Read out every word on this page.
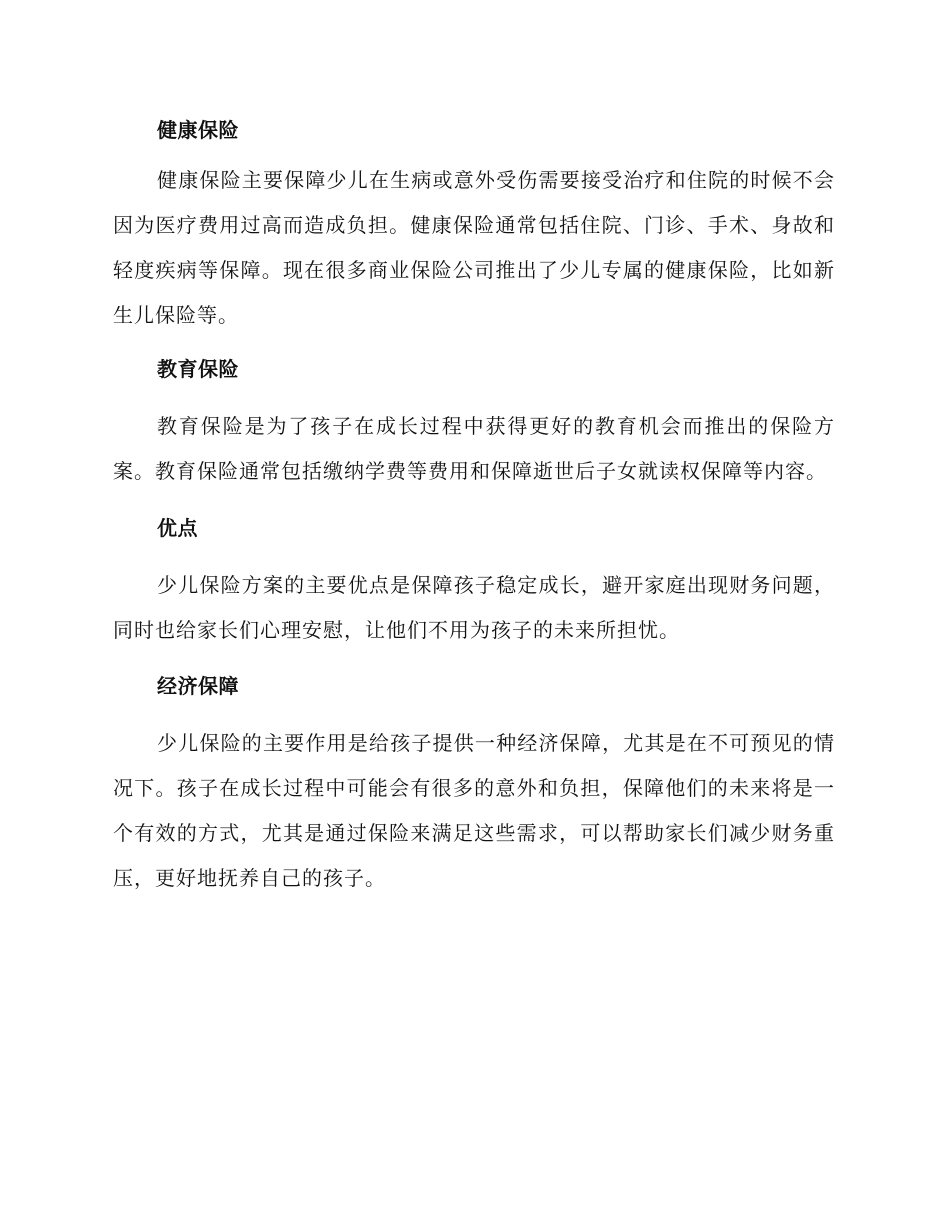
健康保险

健康保险主要保障少儿在生病或意外受伤需要接受治疗和住院的时候不会因为医疗费用过高而造成负担。健康保险通常包括住院、门诊、手术、身故和轻度疾病等保障。现在很多商业保险公司推出了少儿专属的健康保险，比如新生儿保险等。

教育保险

教育保险是为了孩子在成长过程中获得更好的教育机会而推出的保险方案。教育保险通常包括缴纳学费等费用和保障逝世后子女就读权保障等内容。

优点

少儿保险方案的主要优点是保障孩子稳定成长，避开家庭出现财务问题，同时也给家长们心理安慰，让他们不用为孩子的未来所担忧。

经济保障

少儿保险的主要作用是给孩子提供一种经济保障，尤其是在不可预见的情况下。孩子在成长过程中可能会有很多的意外和负担，保障他们的未来将是一个有效的方式，尤其是通过保险来满足这些需求，可以帮助家长们减少财务重压，更好地抚养自己的孩子。
